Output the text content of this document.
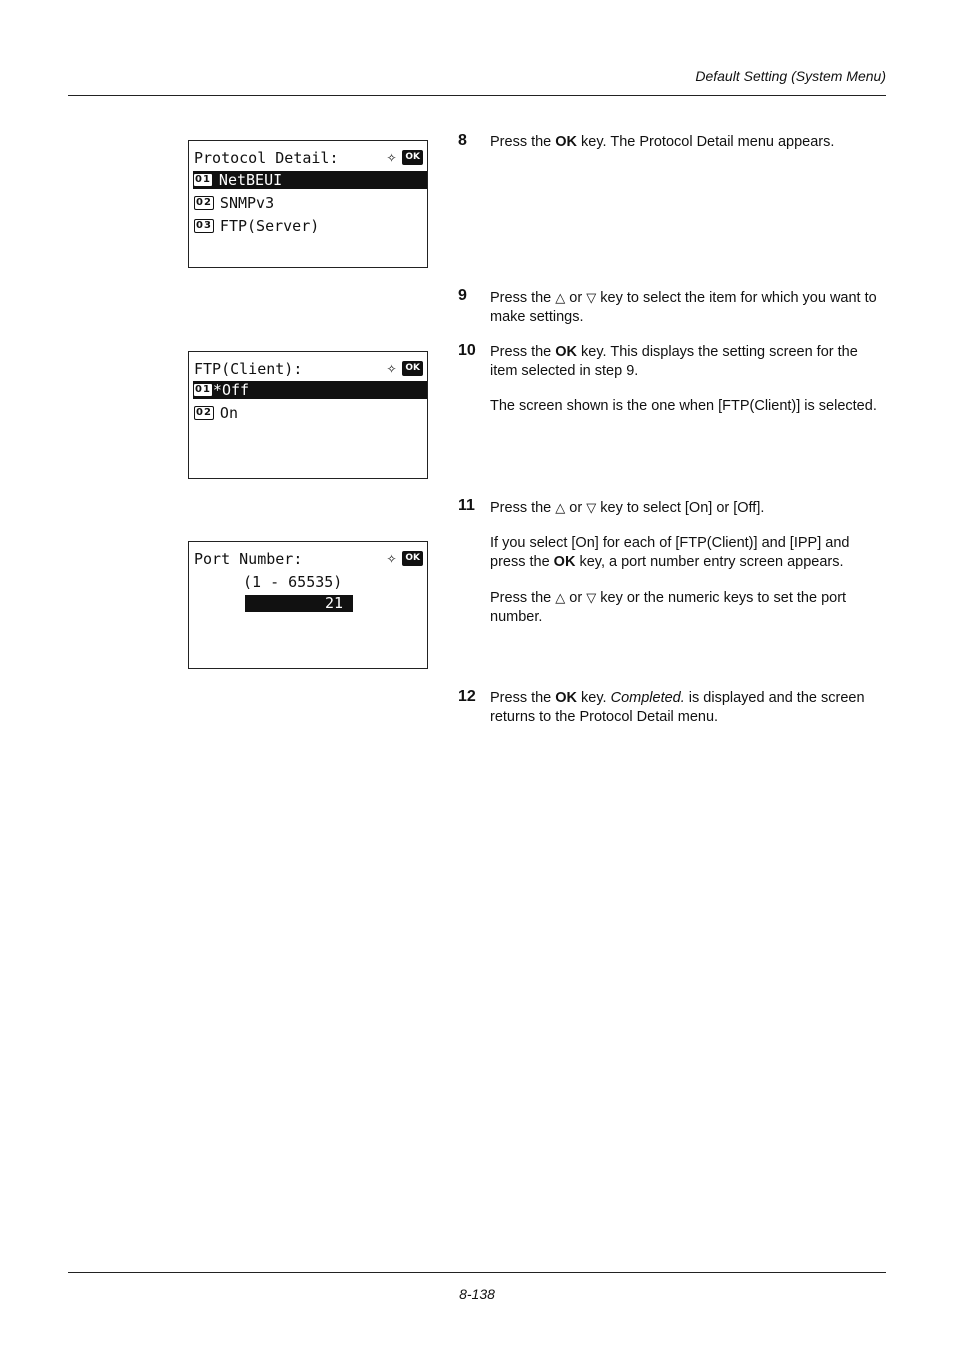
Default Setting (System Menu)
Protocol Detail:	✧	OK
01 NetBEUI
02 SNMPv3
03 FTP(Server)
FTP(Client):	✧	OK
01 *Off
02 On
Port Number:	✧	OK
(1 - 65535)
21
8 Press the OK key. The Protocol Detail menu appears.

9 Press the △ or ▽ key to select the item for which you want to make settings.

10 Press the OK key. This displays the setting screen for the item selected in step 9.

The screen shown is the one when [FTP(Client)] is selected.

11 Press the △ or ▽ key to select [On] or [Off].

If you select [On] for each of [FTP(Client)] and [IPP] and press the OK key, a port number entry screen appears.

Press the △ or ▽ key or the numeric keys to set the port number.

12 Press the OK key. Completed. is displayed and the screen returns to the Protocol Detail menu.

8-138
